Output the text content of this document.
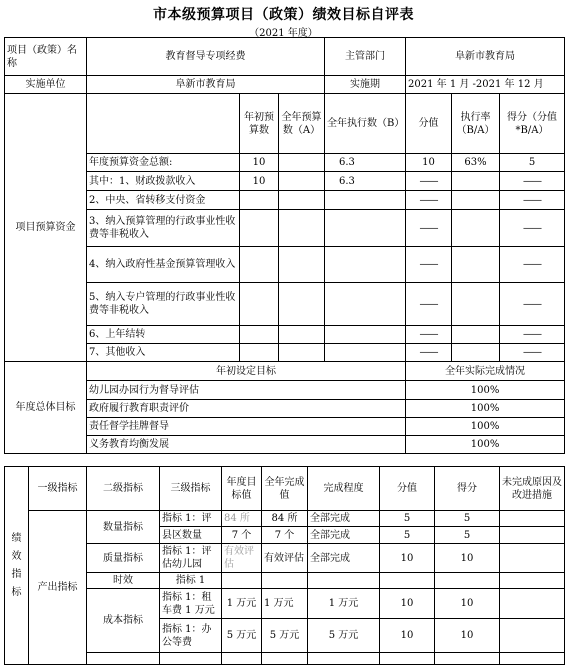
市本级预算项目（政策）绩效目标自评表
（2021 年度）
项目（政策）名称	教育督导专项经费			主管部门	阜新市教育局		
实施单位	阜新市教育局			实施期	2021 年 1 月 -2021 年 12 月		
项目预算资金		年初预算数	全年预算数（A）	全年执行数（B）	分值	执行率（B/A）	得分（分值*B/A）
	年度预算资金总额:	10		6.3	10	63%	5
	其中：1、财政拨款收入	10		6.3	——		——
	2、中央、省转移支付资金				——		——
	3、纳入预算管理的行政事业性收费等非税收入				——		——
	4、纳入政府性基金预算管理收入				——		——
	5、纳入专户管理的行政事业性收费等非税收入				——		——
	6、上年结转				——		——
	7、其他收入				——		——
年度总体目标	年初设定目标				全年实际完成情况		
	幼儿园办园行为督导评估				100%		
	政府履行教育职责评价				100%		
	责任督学挂牌督导				100%		
	义务教育均衡发展				100%		
绩效指标	一级指标	二级指标	三级指标	年度目标值	全年完成值	完成程度	分值	得分	未完成原因及改进措施
	产出指标	数量指标	指标 1：评	84 所	84 所	全部完成	5	5	
			县区数量	7 个	7 个	全部完成	5	5	
		质量指标	指标 1：评估幼儿园	有效评估	有效评估	全部完成	10	10	
		时效	指标 1						
		成本指标	指标 1：租车费 1 万元	1 万元	1 万元	1 万元	10	10	
			指标 1：办公等费	5 万元	5 万元	5 万元	10	10	
